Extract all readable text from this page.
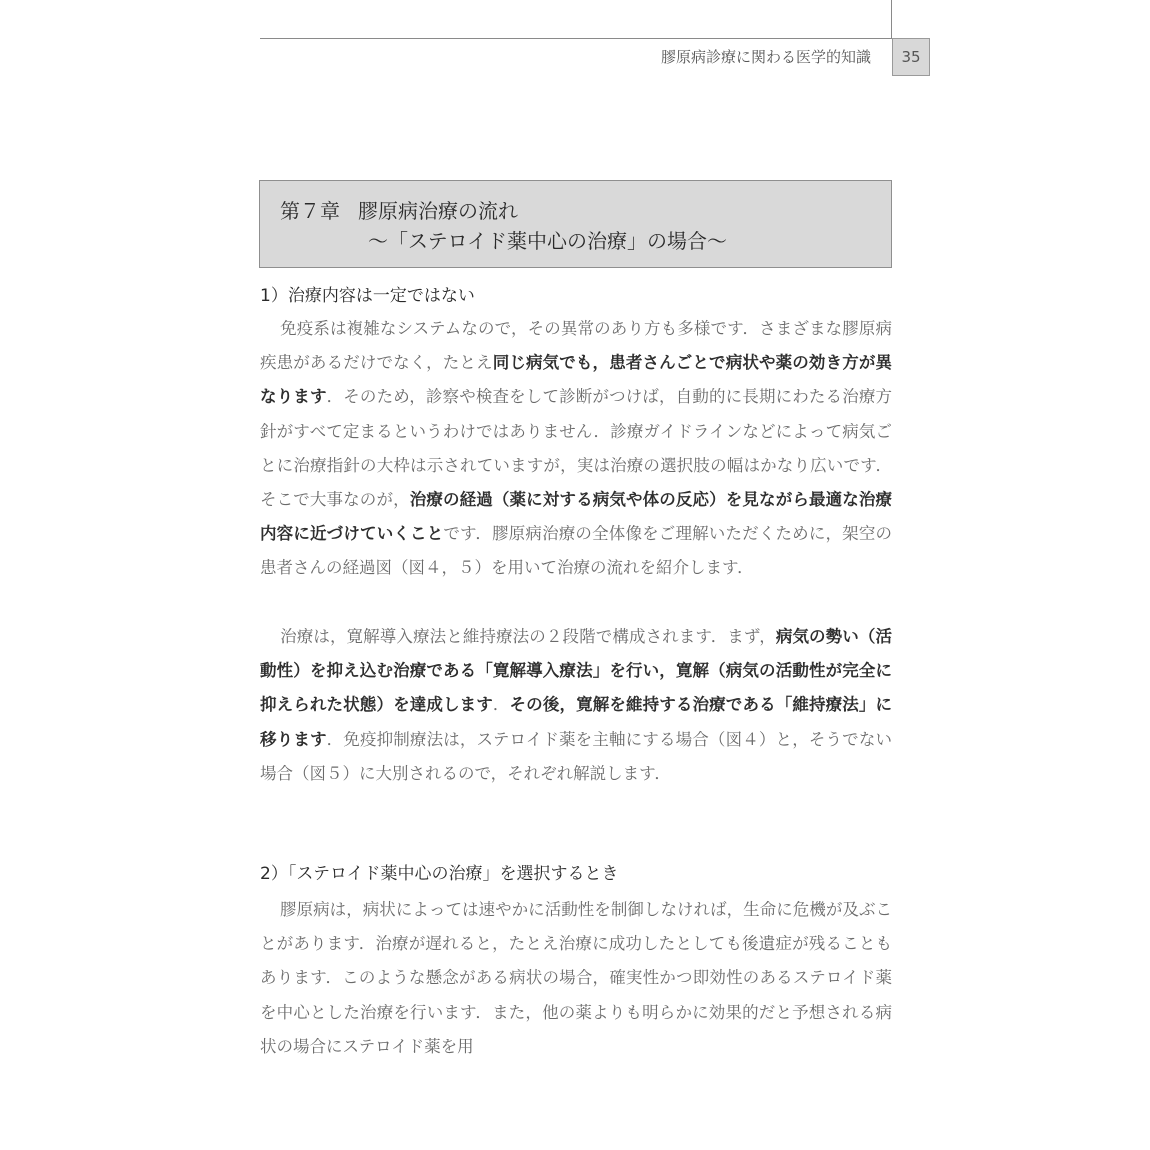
膠原病診療に関わる医学的知識	35
第７章 膠原病治療の流れ
～「ステロイド薬中心の治療」の場合～
1）治療内容は一定ではない

免疫系は複雑なシステムなので，その異常のあり方も多様です．さまざまな膠原病疾患があるだけでなく，たとえ同じ病気でも，患者さんごとで病状や薬の効き方が異なります．そのため，診察や検査をして診断がつけば，自動的に長期にわたる治療方針がすべて定まるというわけではありません．診療ガイドラインなどによって病気ごとに治療指針の大枠は示されていますが，実は治療の選択肢の幅はかなり広いです．そこで大事なのが，治療の経過（薬に対する病気や体の反応）を見ながら最適な治療内容に近づけていくことです．膠原病治療の全体像をご理解いただくために，架空の患者さんの経過図（図４，５）を用いて治療の流れを紹介します．

治療は，寛解導入療法と維持療法の２段階で構成されます．まず，病気の勢い（活動性）を抑え込む治療である「寛解導入療法」を行い，寛解（病気の活動性が完全に抑えられた状態）を達成します．その後，寛解を維持する治療である「維持療法」に移ります．免疫抑制療法は，ステロイド薬を主軸にする場合（図４）と，そうでない場合（図５）に大別されるので，それぞれ解説します．

2）「ステロイド薬中心の治療」を選択するとき

膠原病は，病状によっては速やかに活動性を制御しなければ，生命に危機が及ぶことがあります．治療が遅れると，たとえ治療に成功したとしても後遺症が残ることもあります．このような懸念がある病状の場合，確実性かつ即効性のあるステロイド薬を中心とした治療を行います．また，他の薬よりも明らかに効果的だと予想される病状の場合にステロイド薬を用
